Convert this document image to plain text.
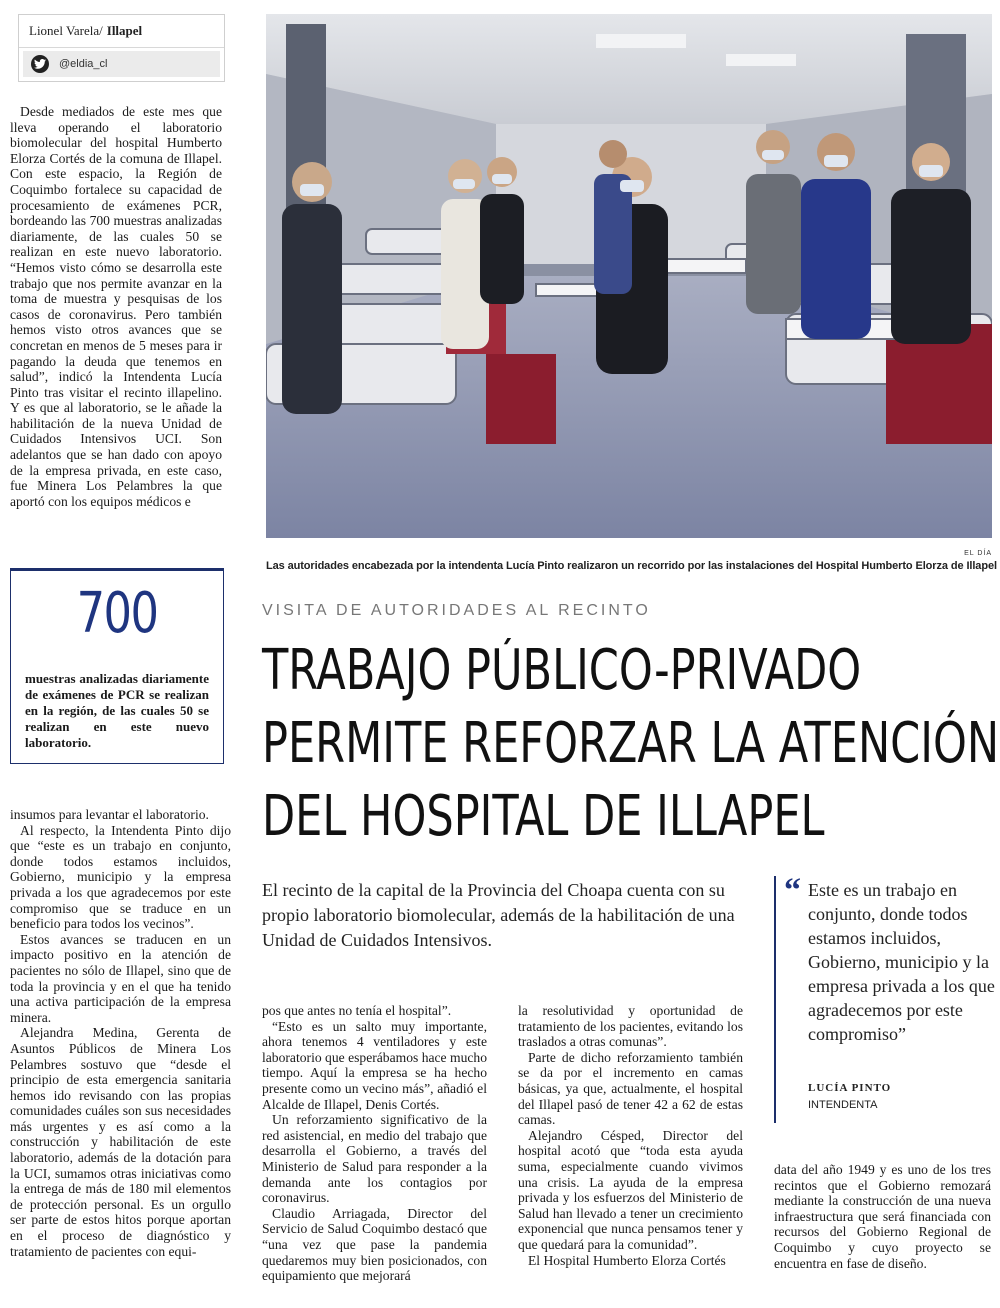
Lionel Varela/ Illapel
@eldia_cl

Desde mediados de este mes que lleva operando el laboratorio biomolecular del hospital Humberto Elorza Cortés de la comuna de Illapel. Con este espacio, la Región de Coquimbo fortalece su capacidad de procesamiento de exámenes PCR, bordeando las 700 muestras analizadas diariamente, de las cuales 50 se realizan en este nuevo laboratorio. “Hemos visto cómo se desarrolla este trabajo que nos permite avanzar en la toma de muestra y pesquisas de los casos de coronavirus. Pero también hemos visto otros avances que se concretan en menos de 5 meses para ir pagando la deuda que tenemos en salud”, indicó la Intendenta Lucía Pinto tras visitar el recinto illapelino. Y es que al laboratorio, se le añade la habilitación de la nueva Unidad de Cuidados Intensivos UCI. Son adelantos que se han dado con apoyo de la empresa privada, en este caso, fue Minera Los Pelambres la que aportó con los equipos médicos e

EL DÍA
Las autoridades encabezada por la intendenta Lucía Pinto realizaron un recorrido por las instalaciones del Hospital Humberto Elorza de Illapel
700
muestras analizadas diariamente de exámenes de PCR se realizan en la región, de las cuales 50 se realizan en este nuevo laboratorio.

insumos para levantar el laboratorio.

Al respecto, la Intendenta Pinto dijo que “este es un trabajo en conjunto, donde todos estamos incluidos, Gobierno, municipio y la empresa privada a los que agradecemos por este compromiso que se traduce en un beneficio para todos los vecinos”.

Estos avances se traducen en un impacto positivo en la atención de pacientes no sólo de Illapel, sino que de toda la provincia y en el que ha tenido una activa participación de la empresa minera.

Alejandra Medina, Gerenta de Asuntos Públicos de Minera Los Pelambres sostuvo que “desde el principio de esta emergencia sanitaria hemos ido revisando con las propias comunidades cuáles son sus necesidades más urgentes y es así como a la construcción y habilitación de este laboratorio, además de la dotación para la UCI, sumamos otras iniciativas como la entrega de más de 180 mil elementos de protección personal. Es un orgullo ser parte de estos hitos porque aportan en el proceso de diagnóstico y tratamiento de pacientes con equi-

VISITA DE AUTORIDADES AL RECINTO
TRABAJO PÚBLICO-PRIVADO
PERMITE REFORZAR LA ATENCIÓN
DEL HOSPITAL DE ILLAPEL
El recinto de la capital de la Provincia del Choapa cuenta con su propio laboratorio biomolecular, además de la habilitación de una Unidad de Cuidados Intensivos.
“ Este es un trabajo en conjunto, donde todos estamos incluidos, Gobierno, municipio y la empresa privada a los que agradecemos por este compromiso”
LUCÍA PINTO
INTENDENTA

pos que antes no tenía el hospital”.

“Esto es un salto muy importante, ahora tenemos 4 ventiladores y este laboratorio que esperábamos hace mucho tiempo. Aquí la empresa se ha hecho presente como un vecino más”, añadió el Alcalde de Illapel, Denis Cortés.

Un reforzamiento significativo de la red asistencial, en medio del trabajo que desarrolla el Gobierno, a través del Ministerio de Salud para responder a la demanda ante los contagios por coronavirus.

Claudio Arriagada, Director del Servicio de Salud Coquimbo destacó que “una vez que pase la pandemia quedaremos muy bien posicionados, con equipamiento que mejorará

la resolutividad y oportunidad de tratamiento de los pacientes, evitando los traslados a otras comunas”.

Parte de dicho reforzamiento también se da por el incremento en camas básicas, ya que, actualmente, el hospital del Illapel pasó de tener 42 a 62 de estas camas.

Alejandro Césped, Director del hospital acotó que “toda esta ayuda suma, especialmente cuando vivimos una crisis. La ayuda de la empresa privada y los esfuerzos del Ministerio de Salud han llevado a tener un crecimiento exponencial que nunca pensamos tener y que quedará para la comunidad”.

El Hospital Humberto Elorza Cortés

data del año 1949 y es uno de los tres recintos que el Gobierno remozará mediante la construcción de una nueva infraestructura que será financiada con recursos del Gobierno Regional de Coquimbo y cuyo proyecto se encuentra en fase de diseño.
